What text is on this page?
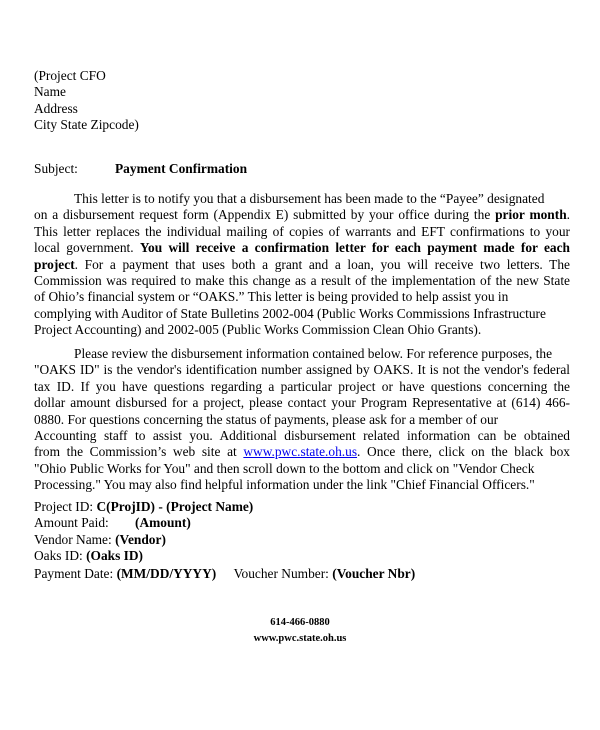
(Project CFO
Name
Address
City State Zipcode)
Subject:	Payment Confirmation
This letter is to notify you that a disbursement has been made to the “Payee” designated
on a disbursement request form (Appendix E) submitted by your office during the prior month.
This letter replaces the individual mailing of copies of warrants and EFT confirmations to your
local government. You will receive a confirmation letter for each payment made for each
project. For a payment that uses both a grant and a loan, you will receive two letters. The
Commission was required to make this change as a result of the implementation of the new State
of Ohio’s financial system or “OAKS.” This letter is being provided to help assist you in
complying with Auditor of State Bulletins 2002-004 (Public Works Commissions Infrastructure
Project Accounting) and 2002-005 (Public Works Commission Clean Ohio Grants).
Please review the disbursement information contained below. For reference purposes, the
"OAKS ID" is the vendor's identification number assigned by OAKS. It is not the vendor's federal
tax ID. If you have questions regarding a particular project or have questions concerning the
dollar amount disbursed for a project, please contact your Program Representative at (614) 466-
0880. For questions concerning the status of payments, please ask for a member of our
Accounting staff to assist you. Additional disbursement related information can be obtained
from the Commission’s web site at www.pwc.state.oh.us. Once there, click on the black box
"Ohio Public Works for You" and then scroll down to the bottom and click on "Vendor Check
Processing." You may also find helpful information under the link "Chief Financial Officers."
Project ID: C(ProjID) - (Project Name)
Amount Paid: (Amount)
Vendor Name: (Vendor)
Oaks ID: (Oaks ID)
Payment Date: (MM/DD/YYYY) Voucher Number: (Voucher Nbr)
614-466-0880
www.pwc.state.oh.us
